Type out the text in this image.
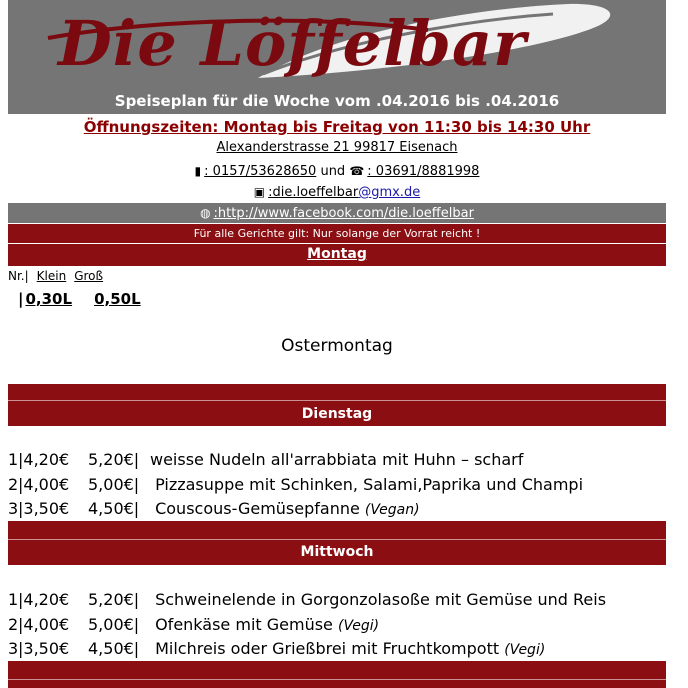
Die Löffelbar
Speiseplan für die Woche vom .04.2016 bis .04.2016
Öffnungszeiten: Montag bis Freitag von 11:30 bis 14:30 Uhr
Alexanderstrasse 21 99817 Eisenach
▮ : 0157/53628650 und ☎ : 03691/8881998
▣ :die.loeffelbar@gmx.de
◍ :http://www.facebook.com/die.loeffelbar
Für alle Gerichte gilt: Nur solange der Vorrat reicht !
Montag
Nr.| Klein Groß
| 0,30L 0,50L
Ostermontag
Dienstag
1|4,20€ 5,20€| weisse Nudeln all'arrabbiata mit Huhn – scharf
2|4,00€ 5,00€| Pizzasuppe mit Schinken, Salami,Paprika und Champi
3|3,50€ 4,50€| Couscous-Gemüsepfanne (Vegan)
Mittwoch
1|4,20€ 5,20€| Schweinelende in Gorgonzolasoße mit Gemüse und Reis
2|4,00€ 5,00€| Ofenkäse mit Gemüse (Vegi)
3|3,50€ 4,50€| Milchreis oder Grießbrei mit Fruchtkompott (Vegi)
